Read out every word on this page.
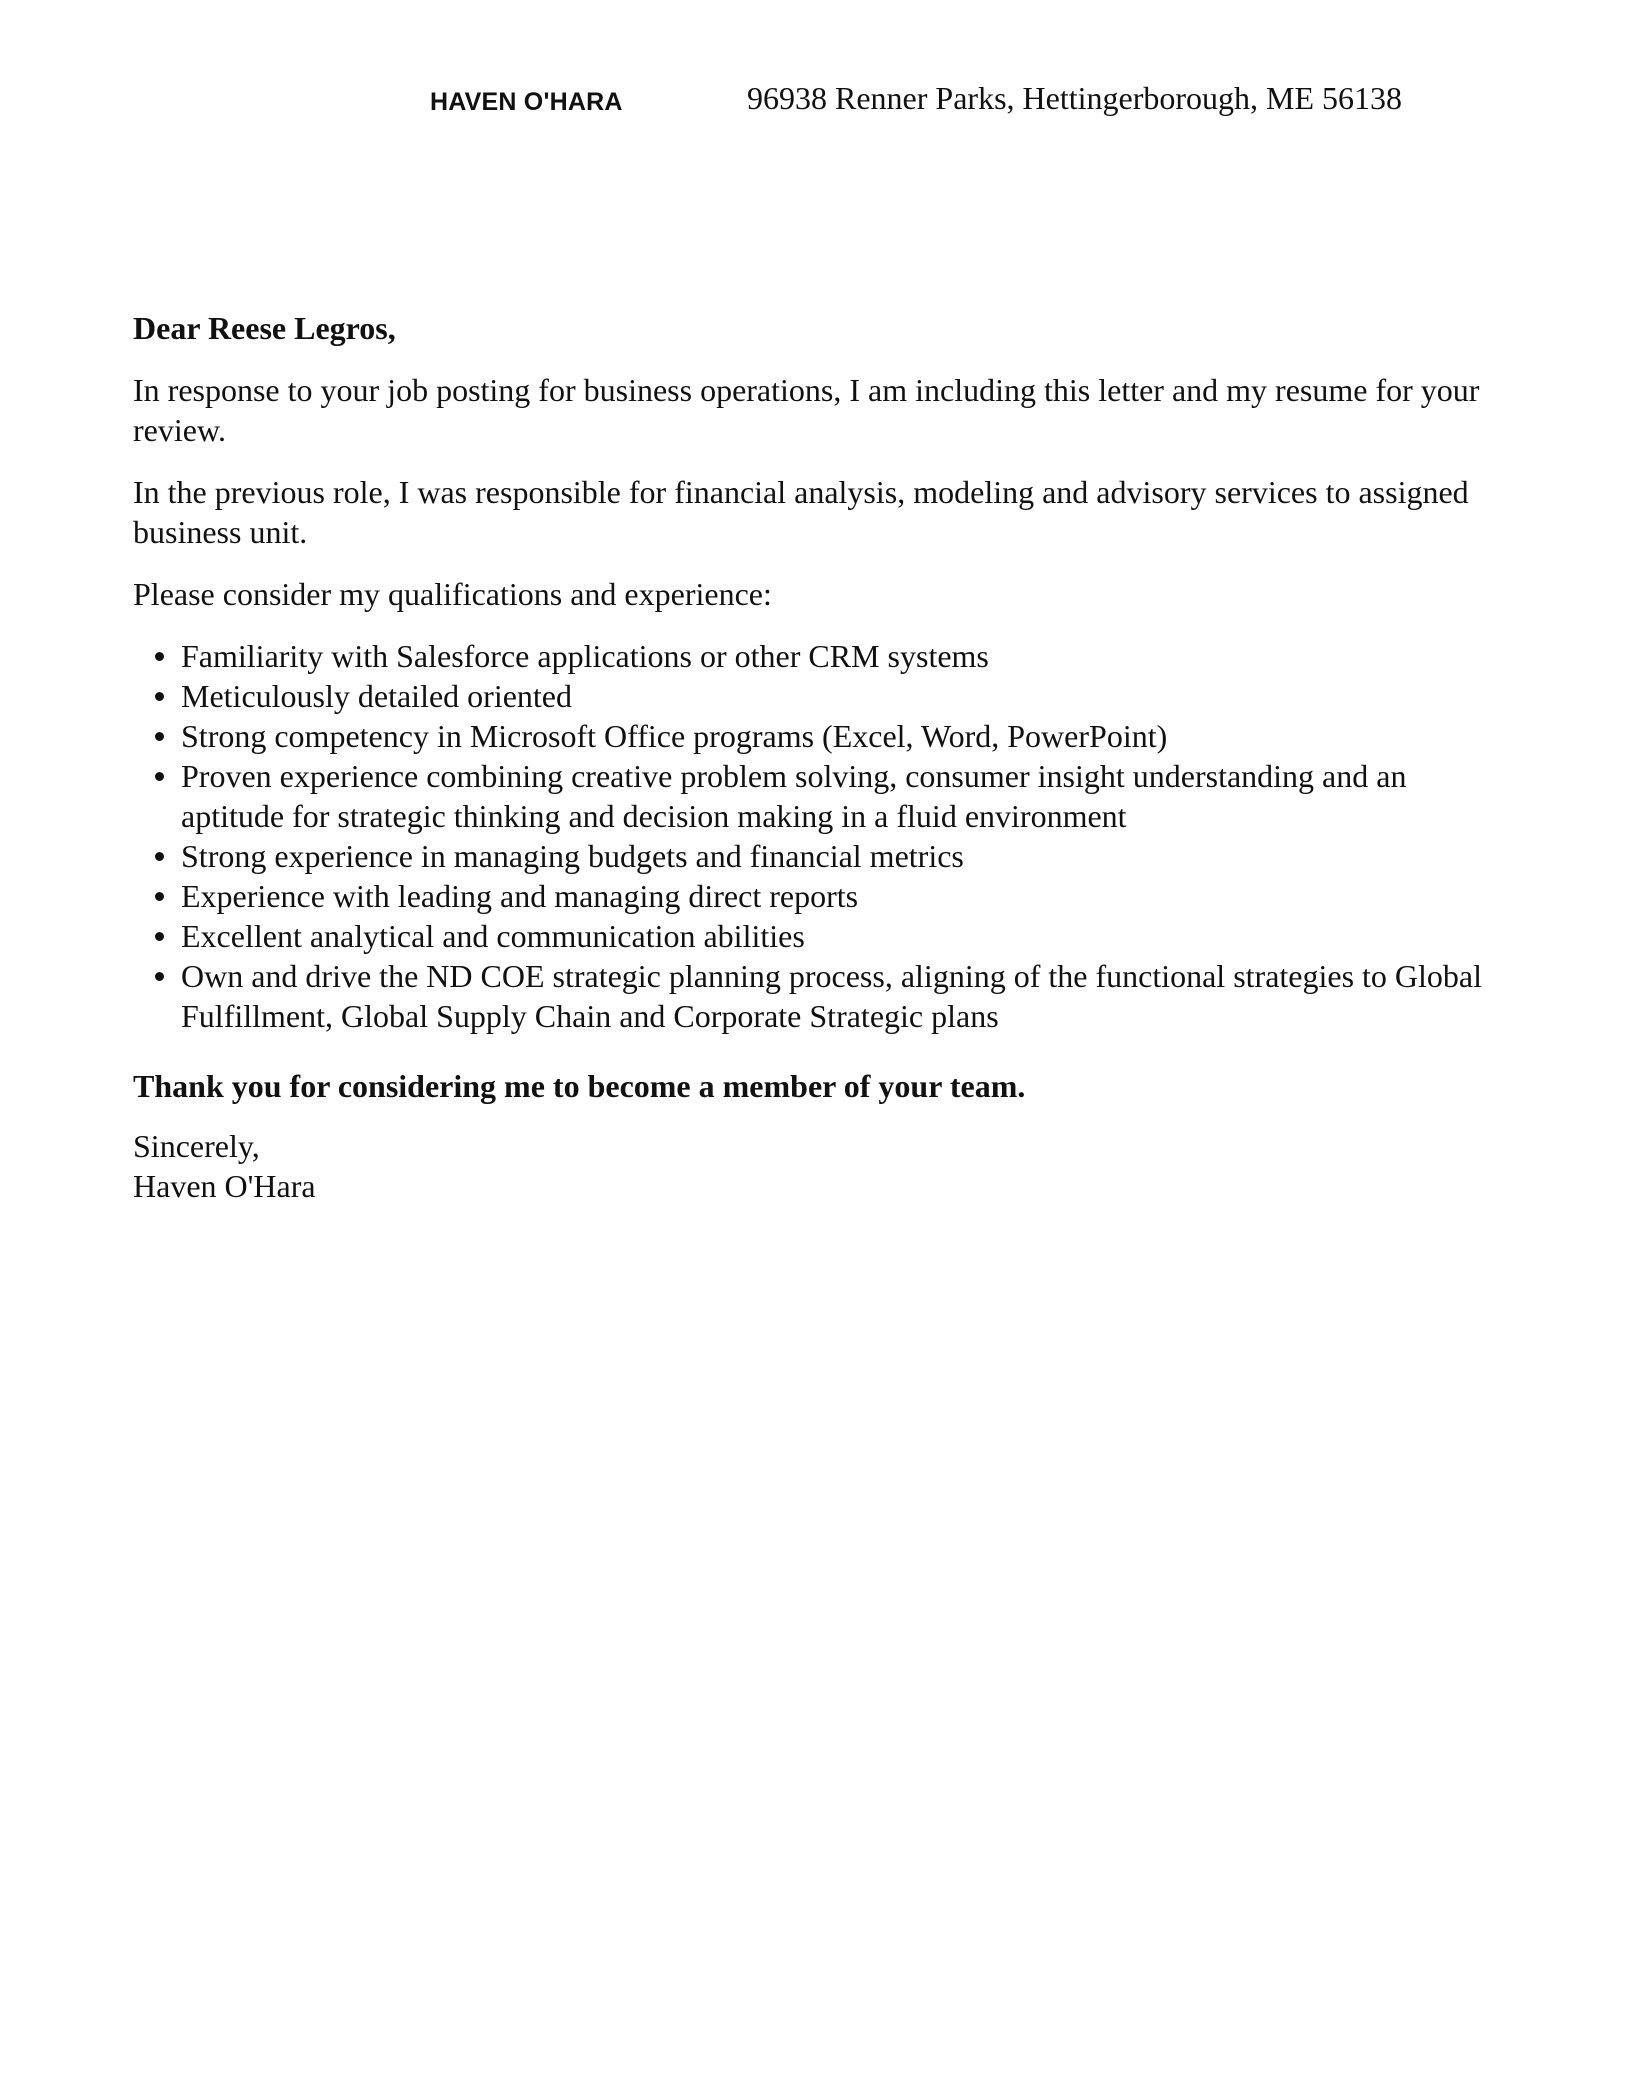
HAVEN O'HARA	96938 Renner Parks, Hettingerborough, ME 56138

Dear Reese Legros,

In response to your job posting for business operations, I am including this letter and my resume for your review.

In the previous role, I was responsible for financial analysis, modeling and advisory services to assigned business unit.

Please consider my qualifications and experience:

Familiarity with Salesforce applications or other CRM systems
Meticulously detailed oriented
Strong competency in Microsoft Office programs (Excel, Word, PowerPoint)
Proven experience combining creative problem solving, consumer insight understanding and an aptitude for strategic thinking and decision making in a fluid environment
Strong experience in managing budgets and financial metrics
Experience with leading and managing direct reports
Excellent analytical and communication abilities
Own and drive the ND COE strategic planning process, aligning of the functional strategies to Global Fulfillment, Global Supply Chain and Corporate Strategic plans

Thank you for considering me to become a member of your team.

Sincerely,

Haven O'Hara
